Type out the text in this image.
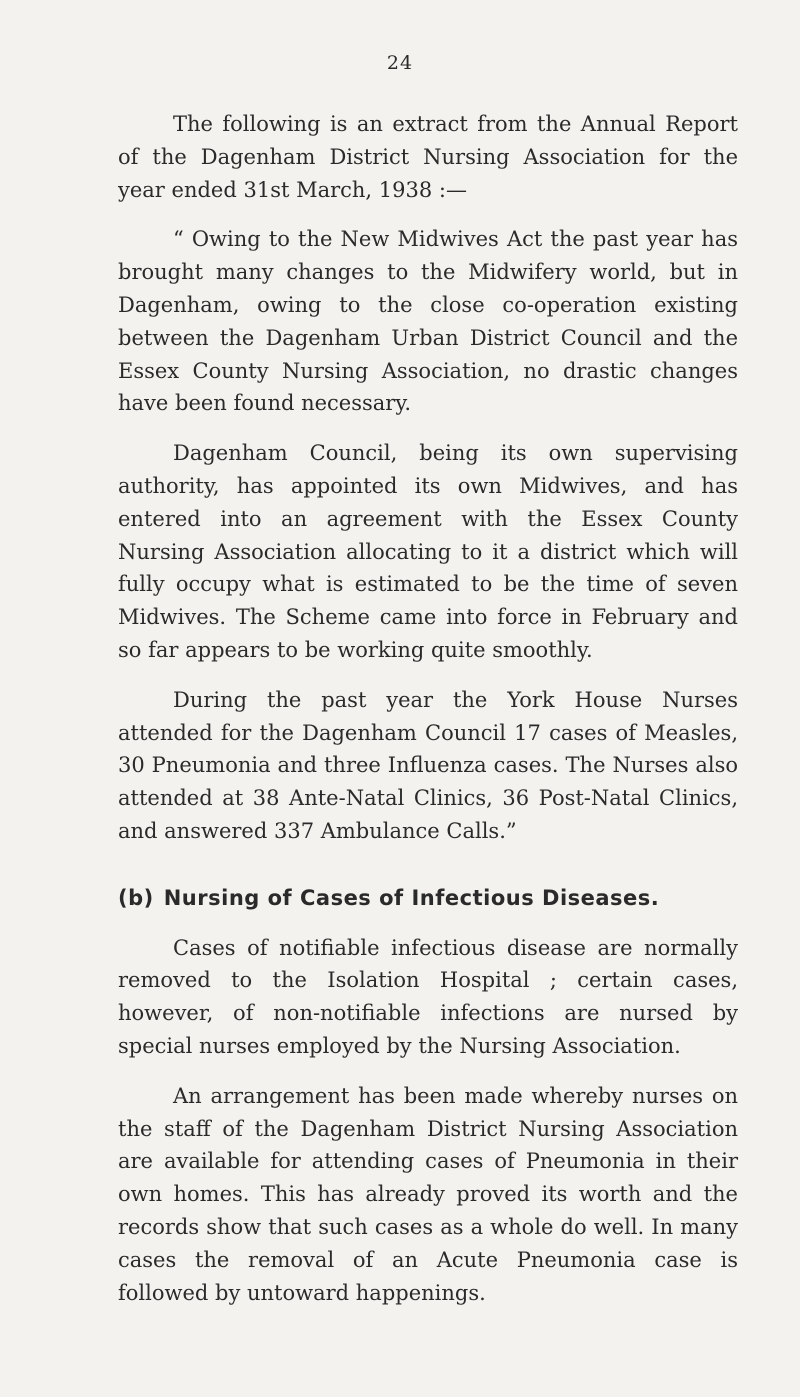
24

The following is an extract from the Annual Report of the Dagenham District Nursing Association for the year ended 31st March, 1938 :—

“ Owing to the New Midwives Act the past year has brought many changes to the Midwifery world, but in Dagenham, owing to the close co-operation existing between the Dagenham Urban District Council and the Essex County Nursing Association, no drastic changes have been found necessary.

Dagenham Council, being its own supervising authority, has appointed its own Midwives, and has entered into an agreement with the Essex County Nursing Association allocating to it a district which will fully occupy what is estimated to be the time of seven Midwives. The Scheme came into force in February and so far appears to be working quite smoothly.

During the past year the York House Nurses attended for the Dagenham Council 17 cases of Measles, 30 Pneumonia and three Influenza cases. The Nurses also attended at 38 Ante-Natal Clinics, 36 Post-Natal Clinics, and answered 337 Ambulance Calls.”

(b) Nursing of Cases of Infectious Diseases.

Cases of notifiable infectious disease are normally removed to the Isolation Hospital ; certain cases, however, of non-notifiable infections are nursed by special nurses employed by the Nursing Association.

An arrangement has been made whereby nurses on the staff of the Dagenham District Nursing Association are available for attending cases of Pneumonia in their own homes. This has already proved its worth and the records show that such cases as a whole do well. In many cases the removal of an Acute Pneumonia case is followed by untoward happenings.
